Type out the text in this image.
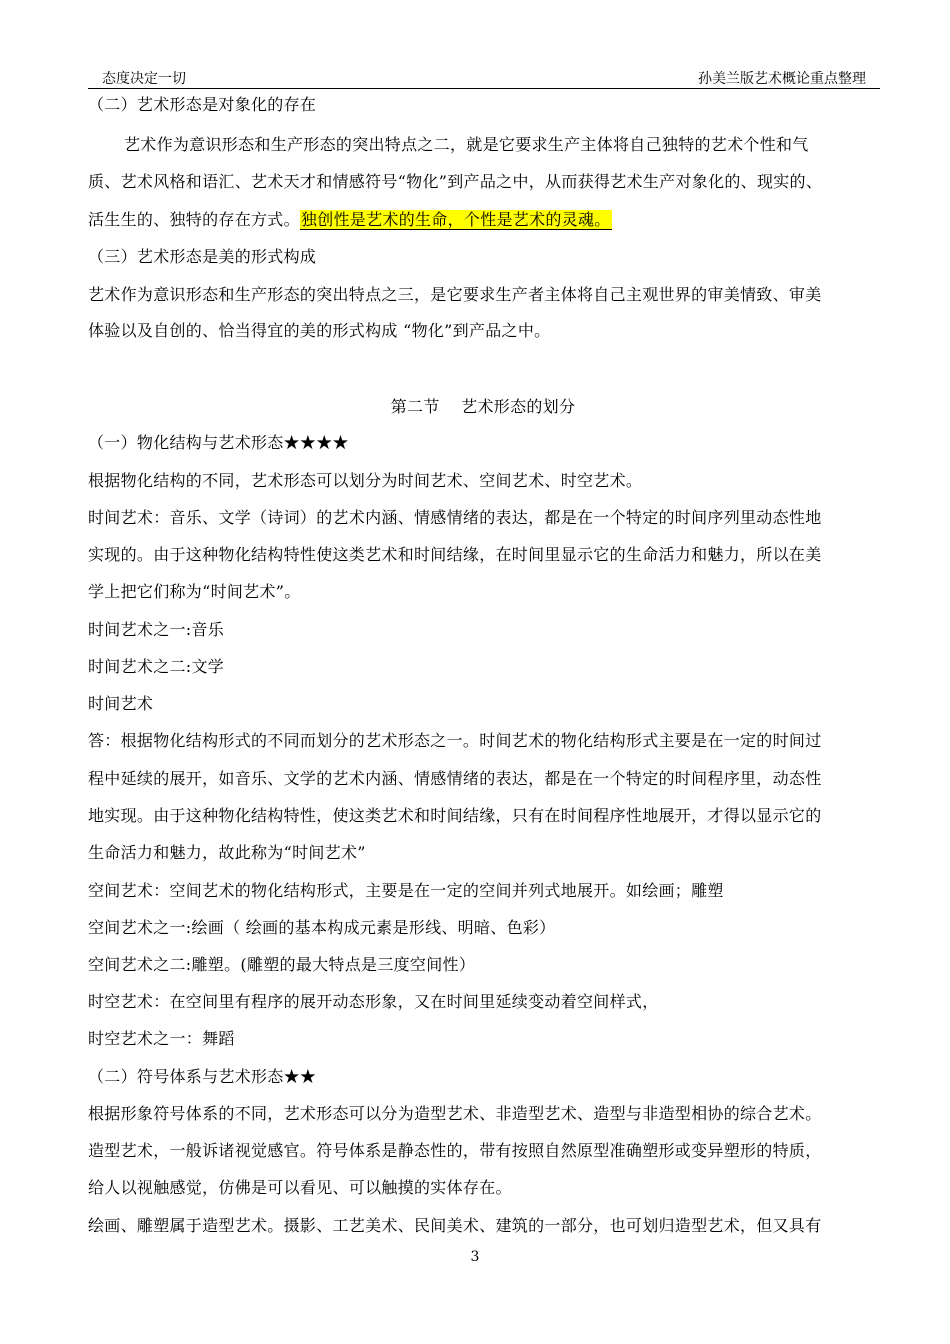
态度决定一切	孙美兰版艺术概论重点整理
（二）艺术形态是对象化的存在
艺术作为意识形态和生产形态的突出特点之二，就是它要求生产主体将自己独特的艺术个性和气
质、艺术风格和语汇、艺术天才和情感符号“物化”到产品之中，从而获得艺术生产对象化的、现实的、
活生生的、独特的存在方式。独创性是艺术的生命，个性是艺术的灵魂。
（三）艺术形态是美的形式构成
艺术作为意识形态和生产形态的突出特点之三，是它要求生产者主体将自己主观世界的审美情致、审美
体验以及自创的、恰当得宜的美的形式构成 “物化”到产品之中。
第二节    艺术形态的划分
（一）物化结构与艺术形态★★★★
根据物化结构的不同，艺术形态可以划分为时间艺术、空间艺术、时空艺术。
时间艺术：音乐、文学（诗词）的艺术内涵、情感情绪的表达，都是在一个特定的时间序列里动态性地
实现的。由于这种物化结构特性使这类艺术和时间结缘，在时间里显示它的生命活力和魅力，所以在美
学上把它们称为“时间艺术”。
时间艺术之一:音乐
时间艺术之二:文学
时间艺术
答：根据物化结构形式的不同而划分的艺术形态之一。时间艺术的物化结构形式主要是在一定的时间过
程中延续的展开，如音乐、文学的艺术内涵、情感情绪的表达，都是在一个特定的时间程序里，动态性
地实现。由于这种物化结构特性，使这类艺术和时间结缘，只有在时间程序性地展开，才得以显示它的
生命活力和魅力，故此称为“时间艺术”
空间艺术：空间艺术的物化结构形式，主要是在一定的空间并列式地展开。如绘画；雕塑
空间艺术之一:绘画（ 绘画的基本构成元素是形线、明暗、色彩）
空间艺术之二:雕塑。(雕塑的最大特点是三度空间性）
时空艺术：在空间里有程序的展开动态形象，又在时间里延续变动着空间样式，
时空艺术之一：舞蹈
（二）符号体系与艺术形态★★
根据形象符号体系的不同，艺术形态可以分为造型艺术、非造型艺术、造型与非造型相协的综合艺术。
造型艺术，一般诉诸视觉感官。符号体系是静态性的，带有按照自然原型准确塑形或变异塑形的特质，
给人以视触感觉，仿佛是可以看见、可以触摸的实体存在。
绘画、雕塑属于造型艺术。摄影、工艺美术、民间美术、建筑的一部分，也可划归造型艺术，但又具有
3
